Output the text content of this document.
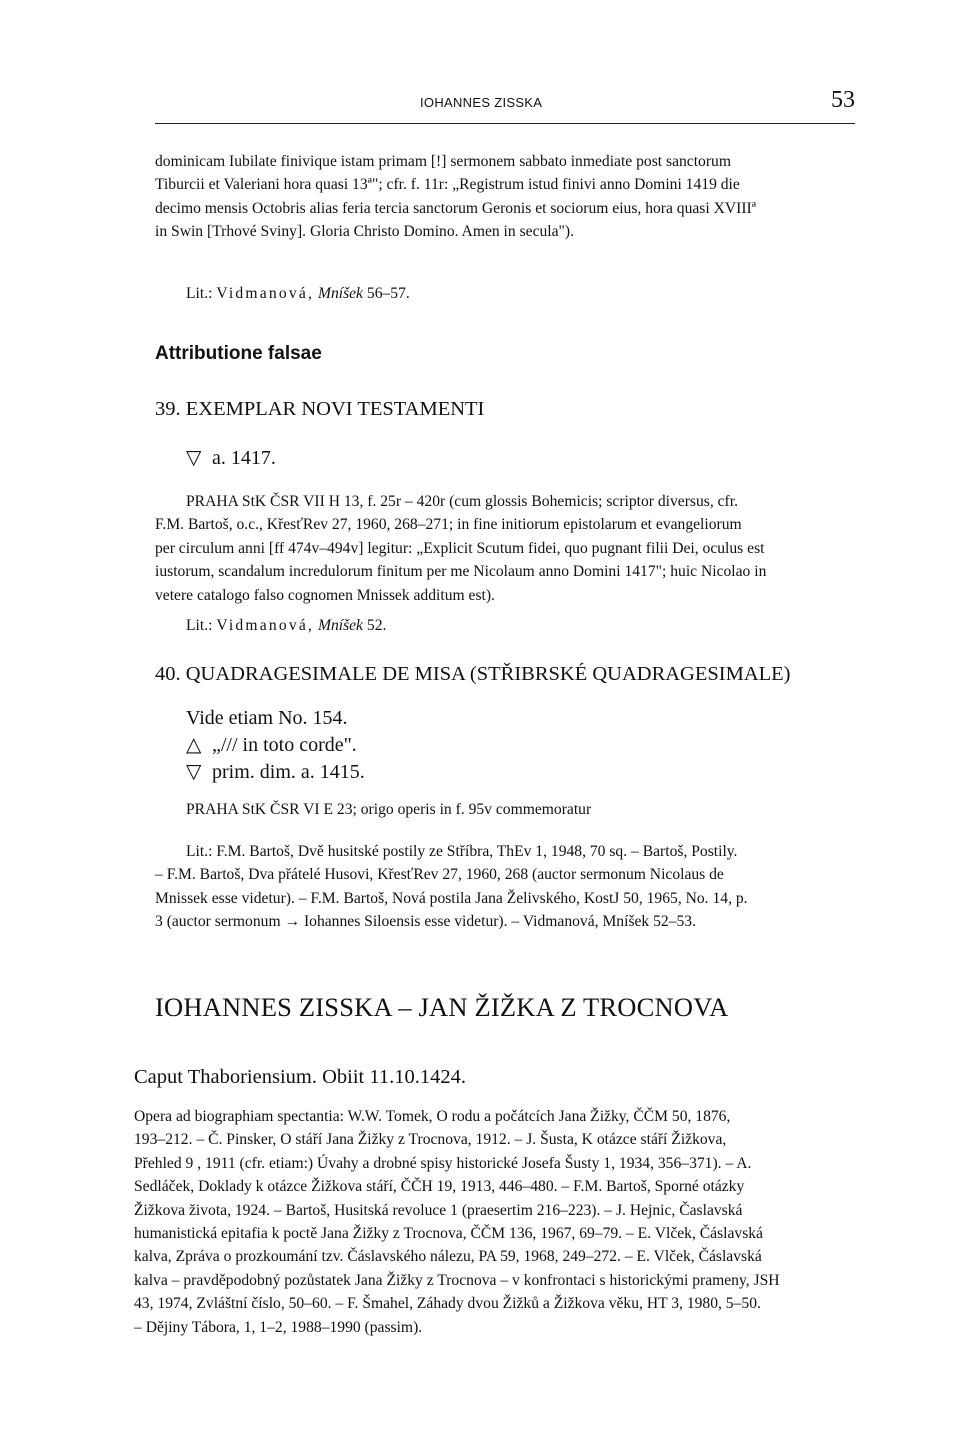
IOHANNES ZISSKA	53
dominicam Iubilate finivique istam primam [!] sermonem sabbato inmediate post sanctorum
Tiburcii et Valeriani hora quasi 13ª"; cfr. f. 11r: „Registrum istud finivi anno Domini 1419 die
decimo mensis Octobris alias feria tercia sanctorum Geronis et sociorum eius, hora quasi XVIIIª
in Swin [Trhové Sviny]. Gloria Christo Domino. Amen in secula").
Lit.: Vidmanová, Mníšek 56–57.
Attributione falsae
39. EXEMPLAR NOVI TESTAMENTI
▽ a. 1417.
PRAHA StK ČSR VII H 13, f. 25r – 420r (cum glossis Bohemicis; scriptor diversus, cfr.
F.M. Bartoš, o.c., KřesťRev 27, 1960, 268–271; in fine initiorum epistolarum et evangeliorum
per circulum anni [ff 474v–494v] legitur: „Explicit Scutum fidei, quo pugnant filii Dei, oculus est
iustorum, scandalum incredulorum finitum per me Nicolaum anno Domini 1417"; huic Nicolao in
vetere catalogo falso cognomen Mnissek additum est).
Lit.: Vidmanová, Mníšek 52.
40. QUADRAGESIMALE DE MISA (STŘIBRSKÉ QUADRAGESIMALE)
Vide etiam No. 154.
△ „/// in toto corde".
▽ prim. dim. a. 1415.
PRAHA StK ČSR VI E 23; origo operis in f. 95v commemoratur
Lit.: F.M. Bartoš, Dvě husitské postily ze Stříbra, ThEv 1, 1948, 70 sq. – Bartoš, Postily.
– F.M. Bartoš, Dva přátelé Husovi, KřesťRev 27, 1960, 268 (auctor sermonum Nicolaus de
Mnissek esse videtur). – F.M. Bartoš, Nová postila Jana Želivského, KostJ 50, 1965, No. 14, p.
3 (auctor sermonum → Iohannes Siloensis esse videtur). – Vidmanová, Mníšek 52–53.
IOHANNES ZISSKA – JAN ŽIŽKA Z TROCNOVA
Caput Thaboriensium. Obiit 11.10.1424.
Opera ad biographiam spectantia: W.W. Tomek, O rodu a počátcích Jana Žižky, ČČM 50, 1876,
193–212. – Č. Pinsker, O stáří Jana Žižky z Trocnova, 1912. – J. Šusta, K otázce stáří Žižkova,
Přehled 9 , 1911 (cfr. etiam:) Úvahy a drobné spisy historické Josefa Šusty 1, 1934, 356–371). – A.
Sedláček, Doklady k otázce Žižkova stáří, ČČH 19, 1913, 446–480. – F.M. Bartoš, Sporné otázky
Žižkova života, 1924. – Bartoš, Husitská revoluce 1 (praesertim 216–223). – J. Hejnic, Časlavská
humanistická epitafia k poctě Jana Žižky z Trocnova, ČČM 136, 1967, 69–79. – E. Vlček, Čáslavská
kalva, Zpráva o prozkoumání tzv. Čáslavského nálezu, PA 59, 1968, 249–272. – E. Vlček, Čáslavská
kalva – pravděpodobný pozůstatek Jana Žižky z Trocnova – v konfrontaci s historickými prameny, JSH
43, 1974, Zvláštní číslo, 50–60. – F. Šmahel, Záhady dvou Žižků a Žižkova věku, HT 3, 1980, 5–50.
– Dějiny Tábora, 1, 1–2, 1988–1990 (passim).
